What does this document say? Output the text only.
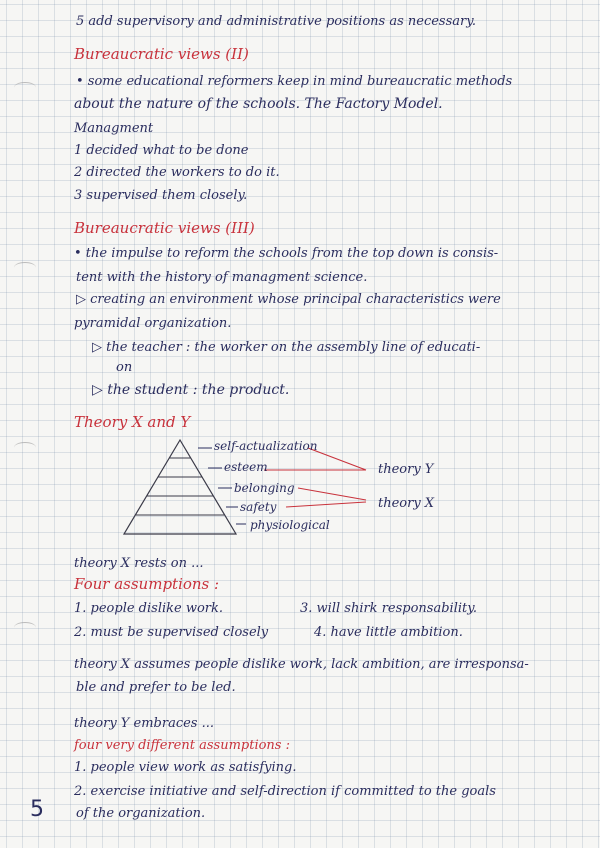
5 add supervisory and administrative positions as necessary.
Bureaucratic views (II)
• some educational reformers keep in mind bureaucratic methods
about the nature of the schools. The Factory Model.
Managment
1 decided what to be done
2 directed the workers to do it.
3 supervised them closely.
Bureaucratic views (III)
• the impulse to reform the schools from the top down is consis-
tent with the history of managment science.
▷ creating an environment whose principal characteristics were
pyramidal organization.
▷ the teacher : the worker on the assembly line of educati-
on
▷ the student : the product.
Theory X and Y
self-actualization
esteem
belonging
safety
physiological
theory Y
theory X
theory X rests on ...
Four assumptions :
1. people dislike work.	3. will shirk responsability.
2. must be supervised closely	4. have little ambition.
theory X assumes people dislike work, lack ambition, are irresponsa-
ble and prefer to be led.
theory Y embraces ...
four very different assumptions :
1. people view work as satisfying.
2. exercise initiative and self-direction if committed to the goals
of the organization.
5
